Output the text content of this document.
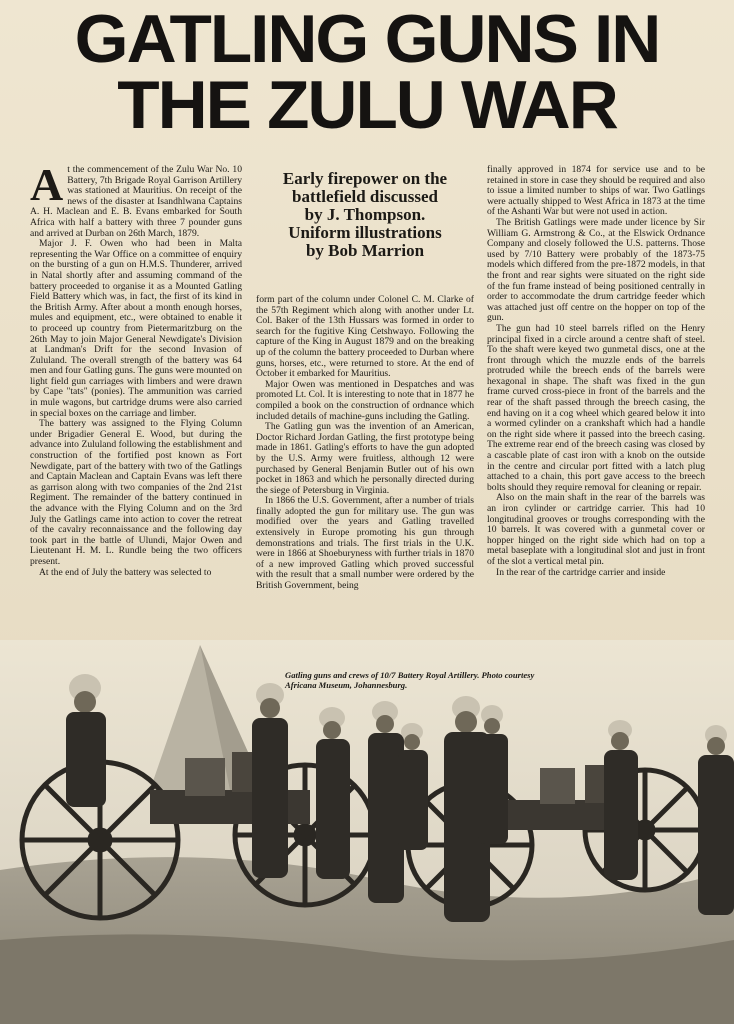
GATLING GUNS IN
THE ZULU WAR

At the commencement of the Zulu War No. 10 Battery, 7th Brigade Royal Garrison Artillery was stationed at Mauritius. On receipt of the news of the disaster at Isandhlwana Captains A. H. Maclean and E. B. Evans embarked for South Africa with half a battery with three 7 pounder guns and arrived at Durban on 26th March, 1879.

Major J. F. Owen who had been in Malta representing the War Office on a committee of enquiry on the bursting of a gun on H.M.S. Thunderer, arrived in Natal shortly after and assuming command of the battery proceeded to organise it as a Mounted Gatling Field Battery which was, in fact, the first of its kind in the British Army. After about a month enough horses, mules and equipment, etc., were obtained to enable it to proceed up country from Pietermaritzburg on the 26th May to join Major General Newdigate's Division at Landman's Drift for the second Invasion of Zululand. The overall strength of the battery was 64 men and four Gatling guns. The guns were mounted on light field gun carriages with limbers and were drawn by Cape "tats" (ponies). The ammunition was carried in mule wagons, but cartridge drums were also carried in special boxes on the carriage and limber.

The battery was assigned to the Flying Column under Brigadier General E. Wood, but during the advance into Zululand following the establishment and construction of the fortified post known as Fort Newdigate, part of the battery with two of the Gatlings and Captain Maclean and Captain Evans was left there as garrison along with two companies of the 2nd 21st Regiment. The remainder of the battery continued in the advance with the Flying Column and on the 3rd July the Gatlings came into action to cover the retreat of the cavalry reconnaissance and the following day took part in the battle of Ulundi, Major Owen and Lieutenant H. M. L. Rundle being the two officers present.

At the end of July the battery was selected to

Early firepower on the
battlefield discussed
by J. Thompson.
Uniform illustrations
by Bob Marrion

form part of the column under Colonel C. M. Clarke of the 57th Regiment which along with another under Lt. Col. Baker of the 13th Hussars was formed in order to search for the fugitive King Cetshwayo. Following the capture of the King in August 1879 and on the breaking up of the column the battery proceeded to Durban where guns, horses, etc., were returned to store. At the end of October it embarked for Mauritius.

Major Owen was mentioned in Despatches and was promoted Lt. Col. It is interesting to note that in 1877 he compiled a book on the construction of ordnance which included details of machine-guns including the Gatling.

The Gatling gun was the invention of an American, Doctor Richard Jordan Gatling, the first prototype being made in 1861. Gatling's efforts to have the gun adopted by the U.S. Army were fruitless, although 12 were purchased by General Benjamin Butler out of his own pocket in 1863 and which he personally directed during the siege of Petersburg in Virginia.

In 1866 the U.S. Government, after a number of trials finally adopted the gun for military use. The gun was modified over the years and Gatling travelled extensively in Europe promoting his gun through demonstrations and trials. The first trials in the U.K. were in 1866 at Shoeburyness with further trials in 1870 of a new improved Gatling which proved successful with the result that a small number were ordered by the British Government, being

finally approved in 1874 for service use and to be retained in store in case they should be required and also to issue a limited number to ships of war. Two Gatlings were actually shipped to West Africa in 1873 at the time of the Ashanti War but were not used in action.

The British Gatlings were made under licence by Sir William G. Armstrong & Co., at the Elswick Ordnance Company and closely followed the U.S. patterns. Those used by 7/10 Battery were probably of the 1873-75 models which differed from the pre-1872 models, in that the front and rear sights were situated on the right side of the fun frame instead of being positioned centrally in order to accommodate the drum cartridge feeder which was attached just off centre on the hopper on top of the gun.

The gun had 10 steel barrels rifled on the Henry principal fixed in a circle around a centre shaft of steel. To the shaft were keyed two gunmetal discs, one at the front through which the muzzle ends of the barrels protruded while the breech ends of the barrels were hexagonal in shape. The shaft was fixed in the gun frame curved cross-piece in front of the barrels and the rear of the shaft passed through the breech casing, the end having on it a cog wheel which geared below it into a wormed cylinder on a crankshaft which had a handle on the right side where it passed into the breech casing. The extreme rear end of the breech casing was closed by a cascable plate of cast iron with a knob on the outside in the centre and circular port fitted with a latch plug attached to a chain, this port gave access to the breech bolts should they require removal for cleaning or repair.

Also on the main shaft in the rear of the barrels was an iron cylinder or cartridge carrier. This had 10 longitudinal grooves or troughs corresponding with the 10 barrels. It was covered with a gunmetal cover or hopper hinged on the right side which had on top a metal baseplate with a longitudinal slot and just in front of the slot a vertical metal pin.

In the rear of the cartridge carrier and inside

Gatling guns and crews of 10/7 Battery Royal Artillery. Photo courtesy
Africana Museum, Johannesburg.
